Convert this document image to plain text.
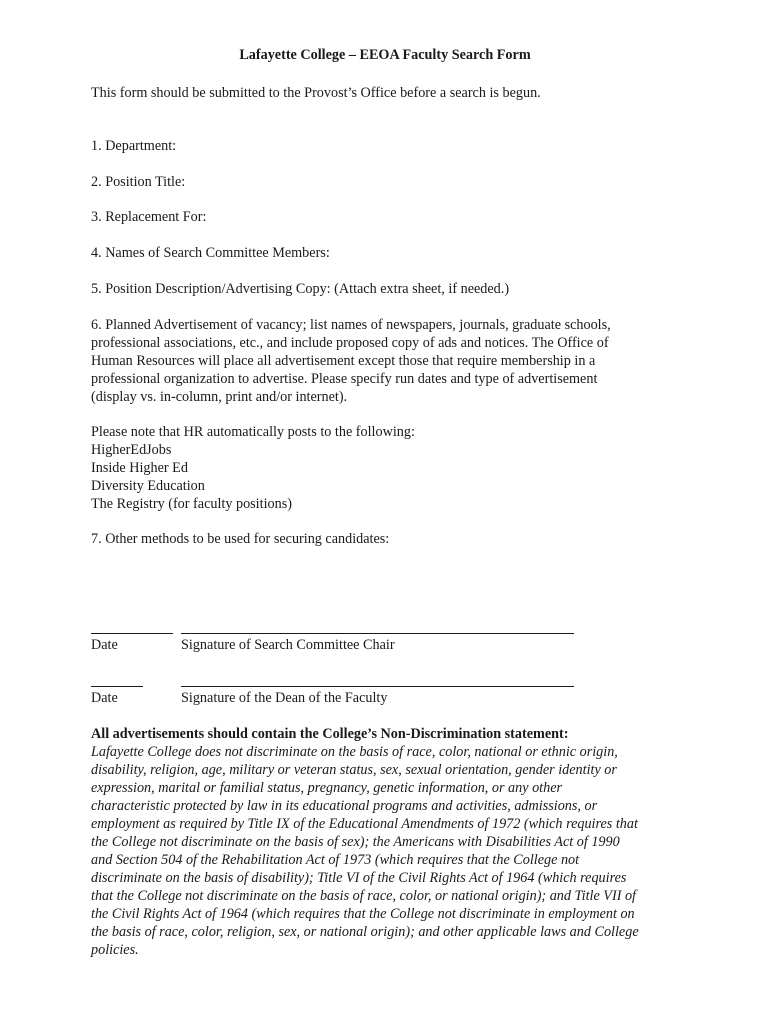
Lafayette College – EEOA Faculty Search Form
This form should be submitted to the Provost’s Office before a search is begun.
1. Department:
2. Position Title:
3. Replacement For:
4. Names of Search Committee Members:
5. Position Description/Advertising Copy: (Attach extra sheet, if needed.)
6. Planned Advertisement of vacancy; list names of newspapers, journals, graduate schools,
professional associations, etc., and include proposed copy of ads and notices. The Office of
Human Resources will place all advertisement except those that require membership in a
professional organization to advertise. Please specify run dates and type of advertisement
(display vs. in-column, print and/or internet).
Please note that HR automatically posts to the following:
HigherEdJobs
Inside Higher Ed
Diversity Education
The Registry (for faculty positions)
7. Other methods to be used for securing candidates:
Date	Signature of Search Committee Chair
Date	Signature of the Dean of the Faculty
All advertisements should contain the College’s Non-Discrimination statement:
Lafayette College does not discriminate on the basis of race, color, national or ethnic origin,
disability, religion, age, military or veteran status, sex, sexual orientation, gender identity or
expression, marital or familial status, pregnancy, genetic information, or any other
characteristic protected by law in its educational programs and activities, admissions, or
employment as required by Title IX of the Educational Amendments of 1972 (which requires that
the College not discriminate on the basis of sex); the Americans with Disabilities Act of 1990
and Section 504 of the Rehabilitation Act of 1973 (which requires that the College not
discriminate on the basis of disability); Title VI of the Civil Rights Act of 1964 (which requires
that the College not discriminate on the basis of race, color, or national origin); and Title VII of
the Civil Rights Act of 1964 (which requires that the College not discriminate in employment on
the basis of race, color, religion, sex, or national origin); and other applicable laws and College
policies.
